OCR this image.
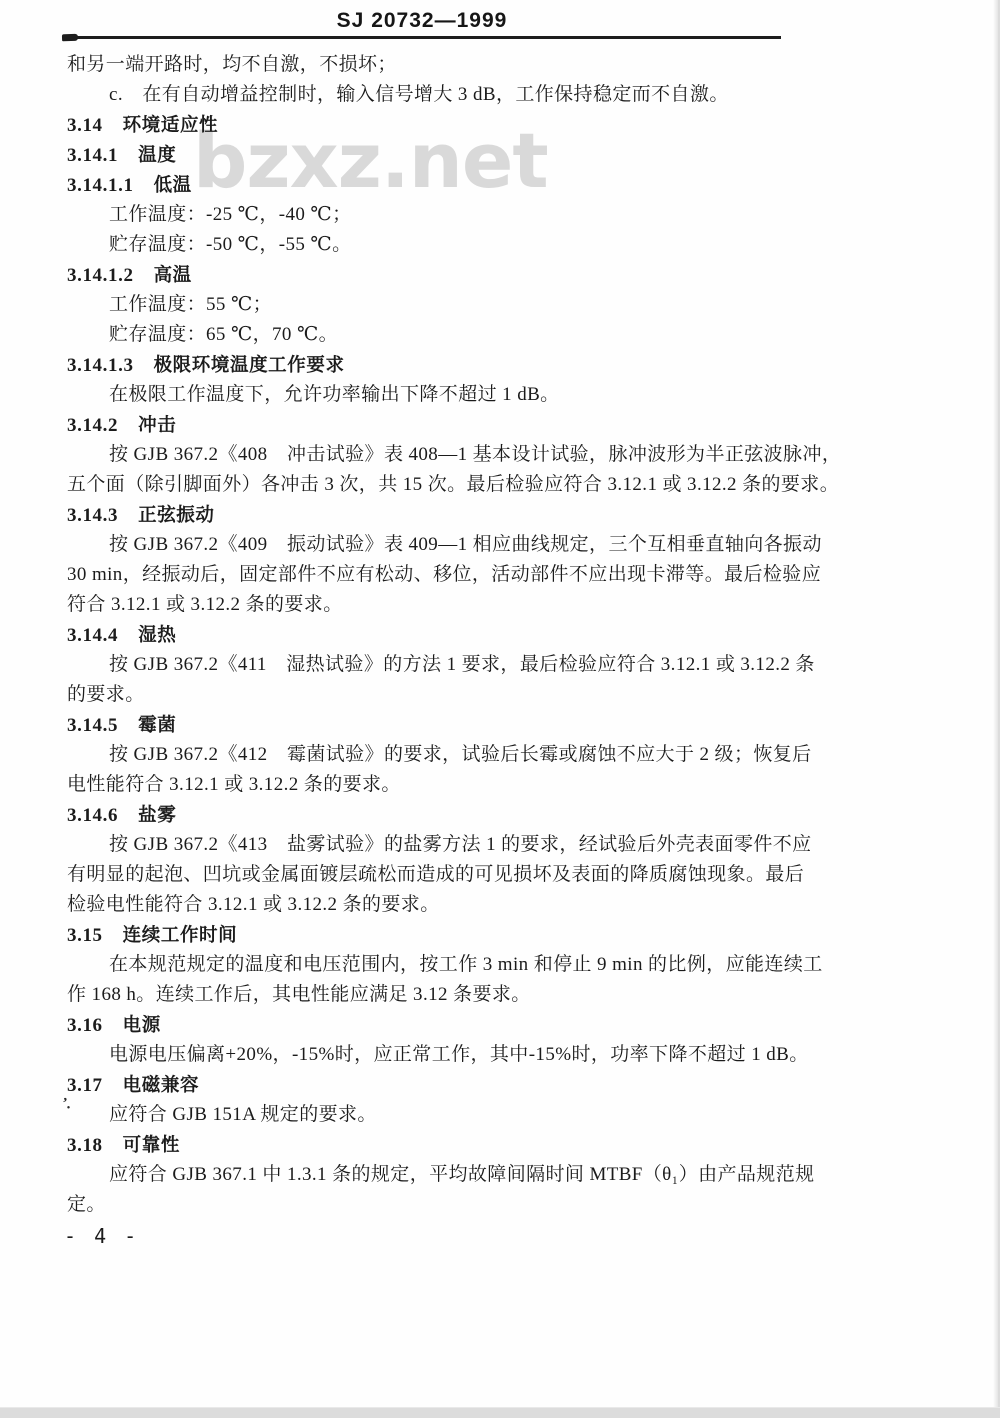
bzxz.net
SJ 20732—1999
和另一端开路时，均不自激，不损坏；
c.　在有自动增益控制时，输入信号增大 3 dB，工作保持稳定而不自激。
3.14 环境适应性
3.14.1 温度
3.14.1.1 低温
工作温度：-25 ℃，-40 ℃；
贮存温度：-50 ℃，-55 ℃。
3.14.1.2 高温
工作温度：55 ℃；
贮存温度：65 ℃，70 ℃。
3.14.1.3 极限环境温度工作要求
在极限工作温度下，允许功率输出下降不超过 1 dB。
3.14.2 冲击
按 GJB 367.2《408　冲击试验》表 408—1 基本设计试验，脉冲波形为半正弦波脉冲，
五个面（除引脚面外）各冲击 3 次，共 15 次。最后检验应符合 3.12.1 或 3.12.2 条的要求。
3.14.3 正弦振动
按 GJB 367.2《409　振动试验》表 409—1 相应曲线规定，三个互相垂直轴向各振动
30 min，经振动后，固定部件不应有松动、移位，活动部件不应出现卡滞等。最后检验应
符合 3.12.1 或 3.12.2 条的要求。
3.14.4 湿热
按 GJB 367.2《411　湿热试验》的方法 1 要求，最后检验应符合 3.12.1 或 3.12.2 条
的要求。
3.14.5 霉菌
按 GJB 367.2《412　霉菌试验》的要求，试验后长霉或腐蚀不应大于 2 级；恢复后
电性能符合 3.12.1 或 3.12.2 条的要求。
3.14.6 盐雾
按 GJB 367.2《413　盐雾试验》的盐雾方法 1 的要求，经试验后外壳表面零件不应
有明显的起泡、凹坑或金属面镀层疏松而造成的可见损坏及表面的降质腐蚀现象。最后
检验电性能符合 3.12.1 或 3.12.2 条的要求。
3.15 连续工作时间
在本规范规定的温度和电压范围内，按工作 3 min 和停止 9 min 的比例，应能连续工
作 168 h。连续工作后，其电性能应满足 3.12 条要求。
3.16 电源
电源电压偏离+20%，-15%时，应正常工作，其中-15%时，功率下降不超过 1 dB。
3.17 电磁兼容
应符合 GJB 151A 规定的要求。
3.18 可靠性
应符合 GJB 367.1 中 1.3.1 条的规定，平均故障间隔时间 MTBF（θ₁）由产品规范规
定。
’.
- 4 -
